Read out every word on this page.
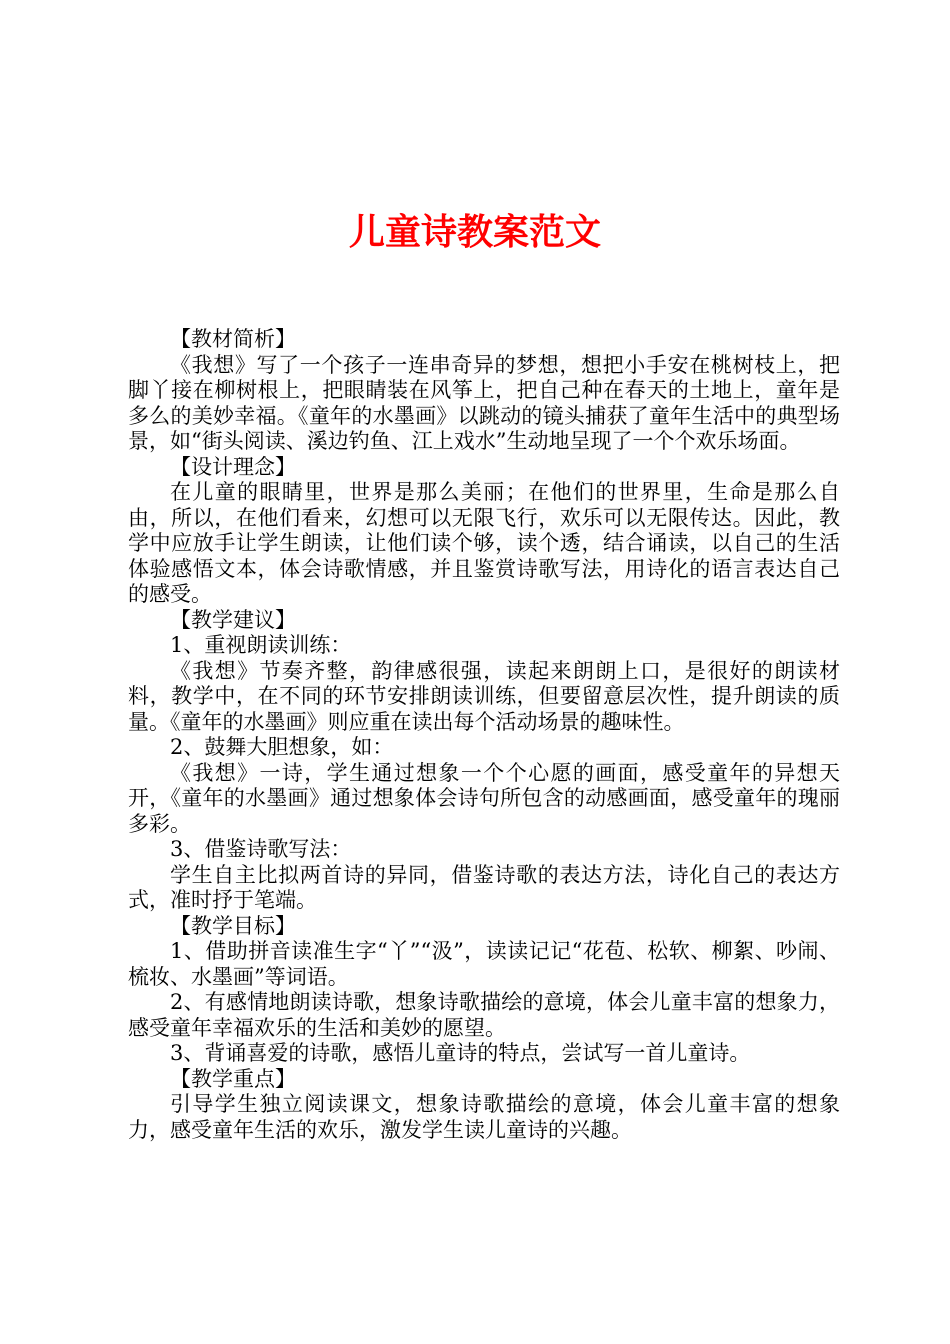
儿童诗教案范文

【教材简析】

《我想》写了一个孩子一连串奇异的梦想，想把小手安在桃树枝上，把脚丫接在柳树根上，把眼睛装在风筝上，把自己种在春天的土地上，童年是多么的美妙幸福。《童年的水墨画》以跳动的镜头捕获了童年生活中的典型场景，如“街头阅读、溪边钓鱼、江上戏水”生动地呈现了一个个欢乐场面。

【设计理念】

在儿童的眼睛里，世界是那么美丽；在他们的世界里，生命是那么自由，所以，在他们看来，幻想可以无限飞行，欢乐可以无限传达。因此，教学中应放手让学生朗读，让他们读个够，读个透，结合诵读，以自己的生活体验感悟文本，体会诗歌情感，并且鉴赏诗歌写法，用诗化的语言表达自己的感受。

【教学建议】

1、重视朗读训练：

《我想》节奏齐整，韵律感很强，读起来朗朗上口，是很好的朗读材料，教学中，在不同的环节安排朗读训练，但要留意层次性，提升朗读的质量。《童年的水墨画》则应重在读出每个活动场景的趣味性。

2、鼓舞大胆想象，如：

《我想》一诗，学生通过想象一个个心愿的画面，感受童年的异想天开，《童年的水墨画》通过想象体会诗句所包含的动感画面，感受童年的瑰丽多彩。

3、借鉴诗歌写法：

学生自主比拟两首诗的异同，借鉴诗歌的表达方法，诗化自己的表达方式，准时抒于笔端。

【教学目标】

1、借助拼音读准生字“丫”“汲”，读读记记“花苞、松软、柳絮、吵闹、梳妆、水墨画”等词语。

2、有感情地朗读诗歌，想象诗歌描绘的意境，体会儿童丰富的想象力，感受童年幸福欢乐的生活和美妙的愿望。

3、背诵喜爱的诗歌，感悟儿童诗的特点，尝试写一首儿童诗。

【教学重点】

引导学生独立阅读课文，想象诗歌描绘的意境，体会儿童丰富的想象力，感受童年生活的欢乐，激发学生读儿童诗的兴趣。
